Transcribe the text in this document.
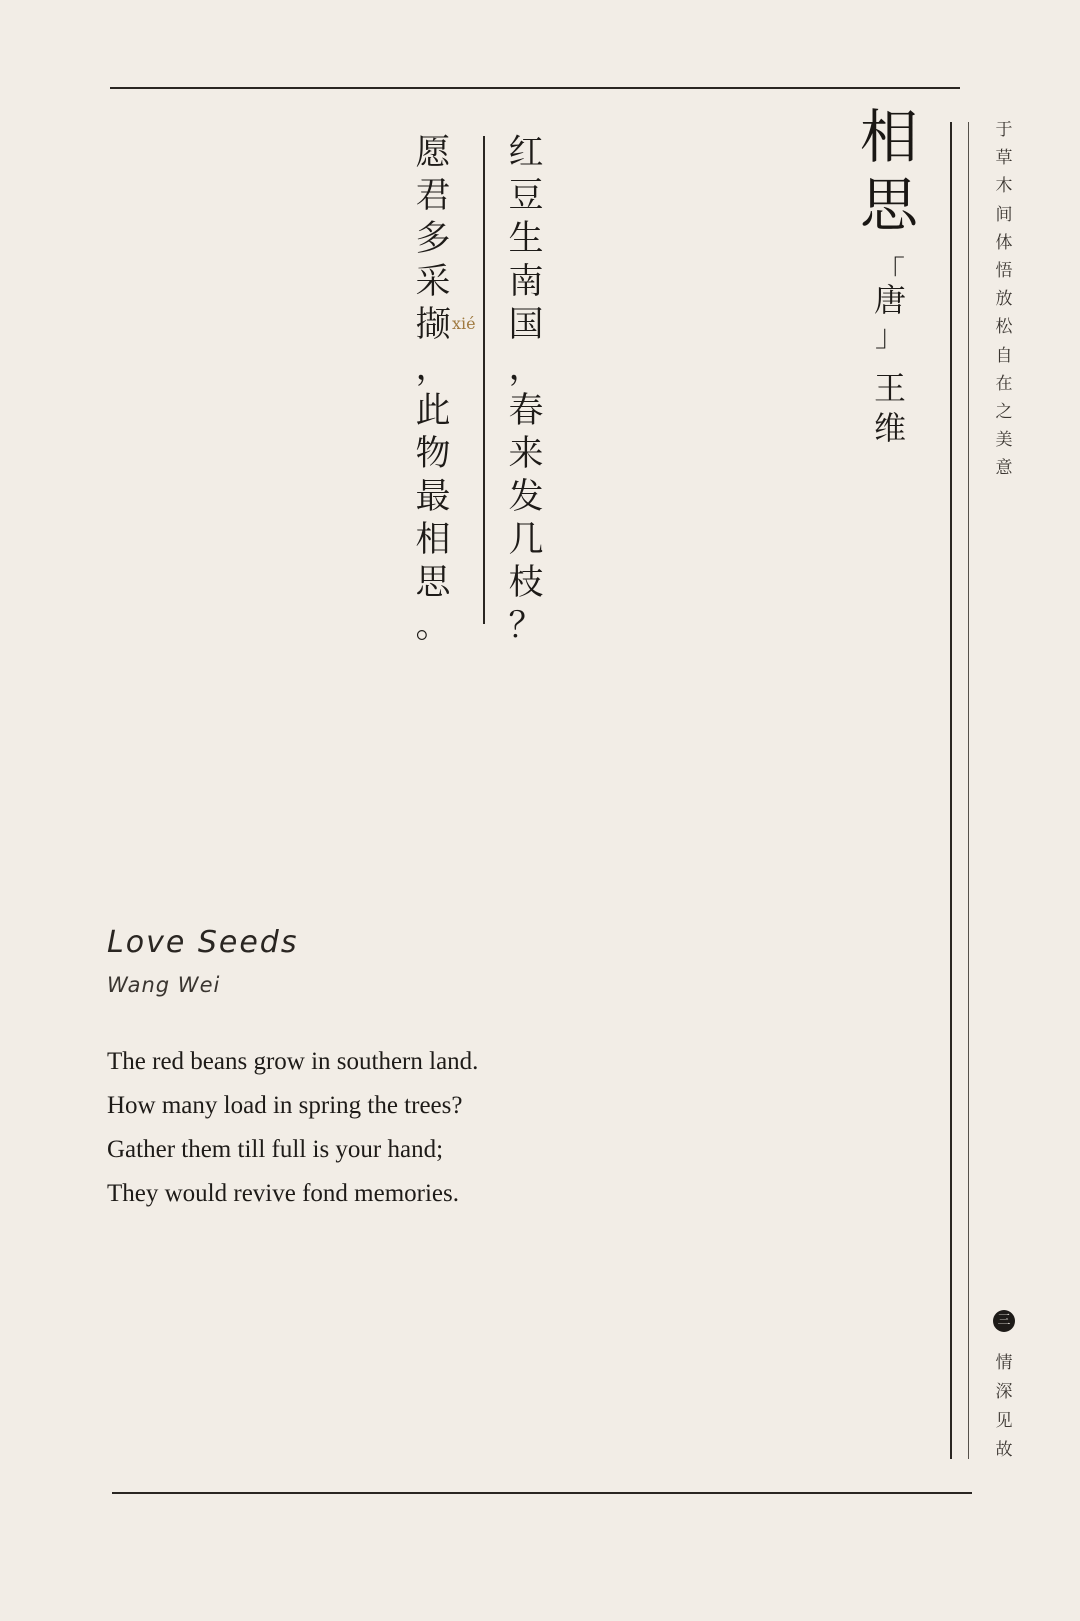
相
思
「
唐
」
王
维
红
豆
生
南
国
，
春
来
发
几
枝
？
愿
君
多
采
撷
，
此
物
最
相
思
。
xié
于
草
木
间
体
悟
放
松
自
在
之
美
意
三
情
深
见
故
Love Seeds
Wang Wei
The red beans grow in southern land.
How many load in spring the trees?
Gather them till full is your hand;
They would revive fond memories.
